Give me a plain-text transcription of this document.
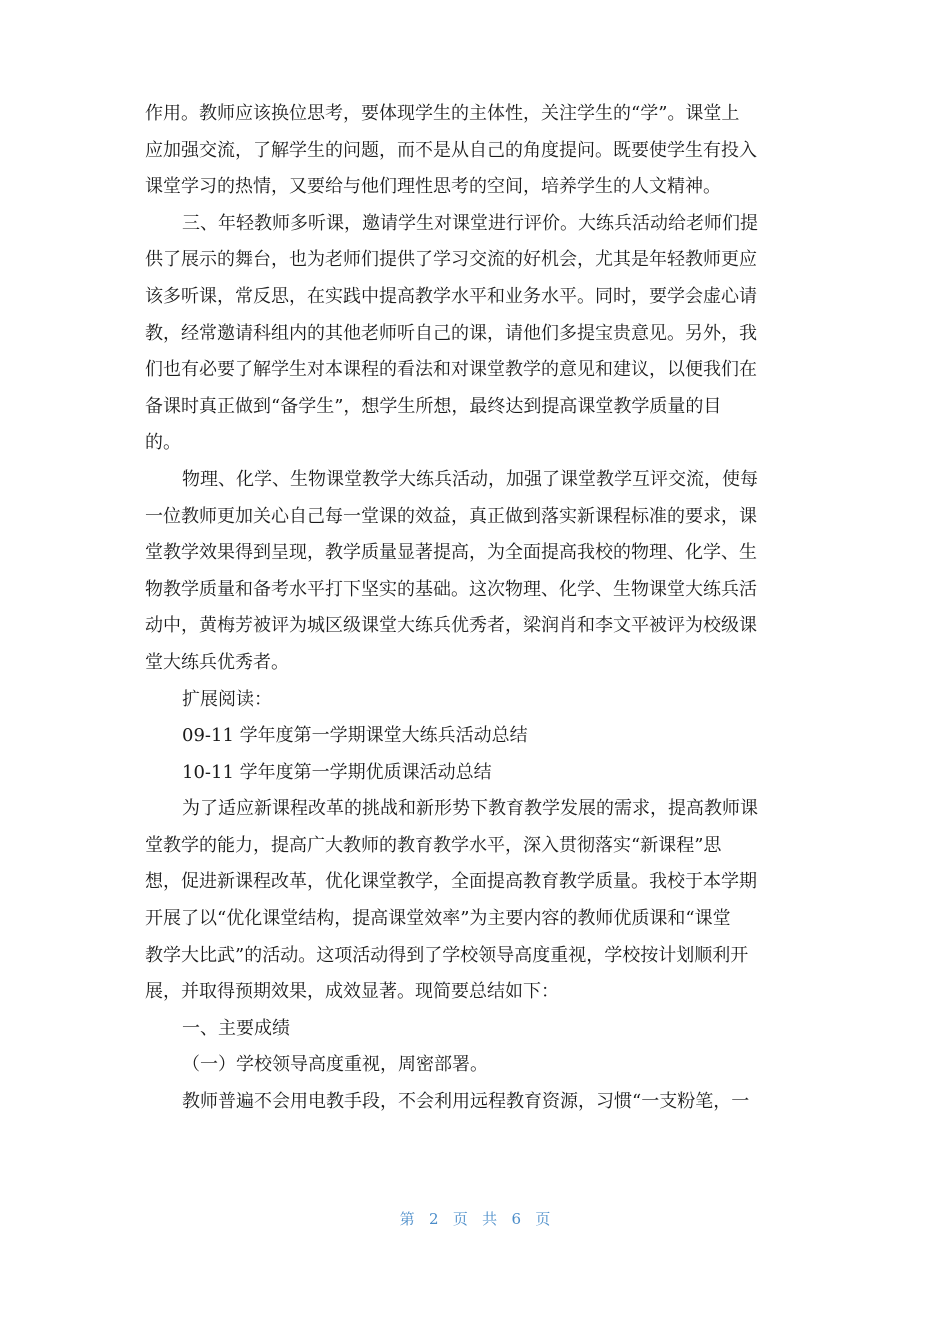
作用。教师应该换位思考，要体现学生的主体性，关注学生的“学”。课堂上
应加强交流，了解学生的问题，而不是从自己的角度提问。既要使学生有投入
课堂学习的热情，又要给与他们理性思考的空间，培养学生的人文精神。
三、年轻教师多听课，邀请学生对课堂进行评价。大练兵活动给老师们提
供了展示的舞台，也为老师们提供了学习交流的好机会，尤其是年轻教师更应
该多听课，常反思，在实践中提高教学水平和业务水平。同时，要学会虚心请
教，经常邀请科组内的其他老师听自己的课，请他们多提宝贵意见。另外，我
们也有必要了解学生对本课程的看法和对课堂教学的意见和建议，以便我们在
备课时真正做到“备学生”，想学生所想，最终达到提高课堂教学质量的目
的。
物理、化学、生物课堂教学大练兵活动，加强了课堂教学互评交流，使每
一位教师更加关心自己每一堂课的效益，真正做到落实新课程标准的要求，课
堂教学效果得到呈现，教学质量显著提高，为全面提高我校的物理、化学、生
物教学质量和备考水平打下坚实的基础。这次物理、化学、生物课堂大练兵活
动中，黄梅芳被评为城区级课堂大练兵优秀者，梁润肖和李文平被评为校级课
堂大练兵优秀者。
扩展阅读：
09-11 学年度第一学期课堂大练兵活动总结
10-11 学年度第一学期优质课活动总结
为了适应新课程改革的挑战和新形势下教育教学发展的需求，提高教师课
堂教学的能力，提高广大教师的教育教学水平，深入贯彻落实“新课程”思
想，促进新课程改革，优化课堂教学，全面提高教育教学质量。我校于本学期
开展了以“优化课堂结构，提高课堂效率”为主要内容的教师优质课和“课堂
教学大比武”的活动。这项活动得到了学校领导高度重视，学校按计划顺利开
展，并取得预期效果，成效显著。现简要总结如下：
一、主要成绩
（一）学校领导高度重视，周密部署。
教师普遍不会用电教手段，不会利用远程教育资源，习惯“一支粉笔，一
第 2 页   共 6 页
